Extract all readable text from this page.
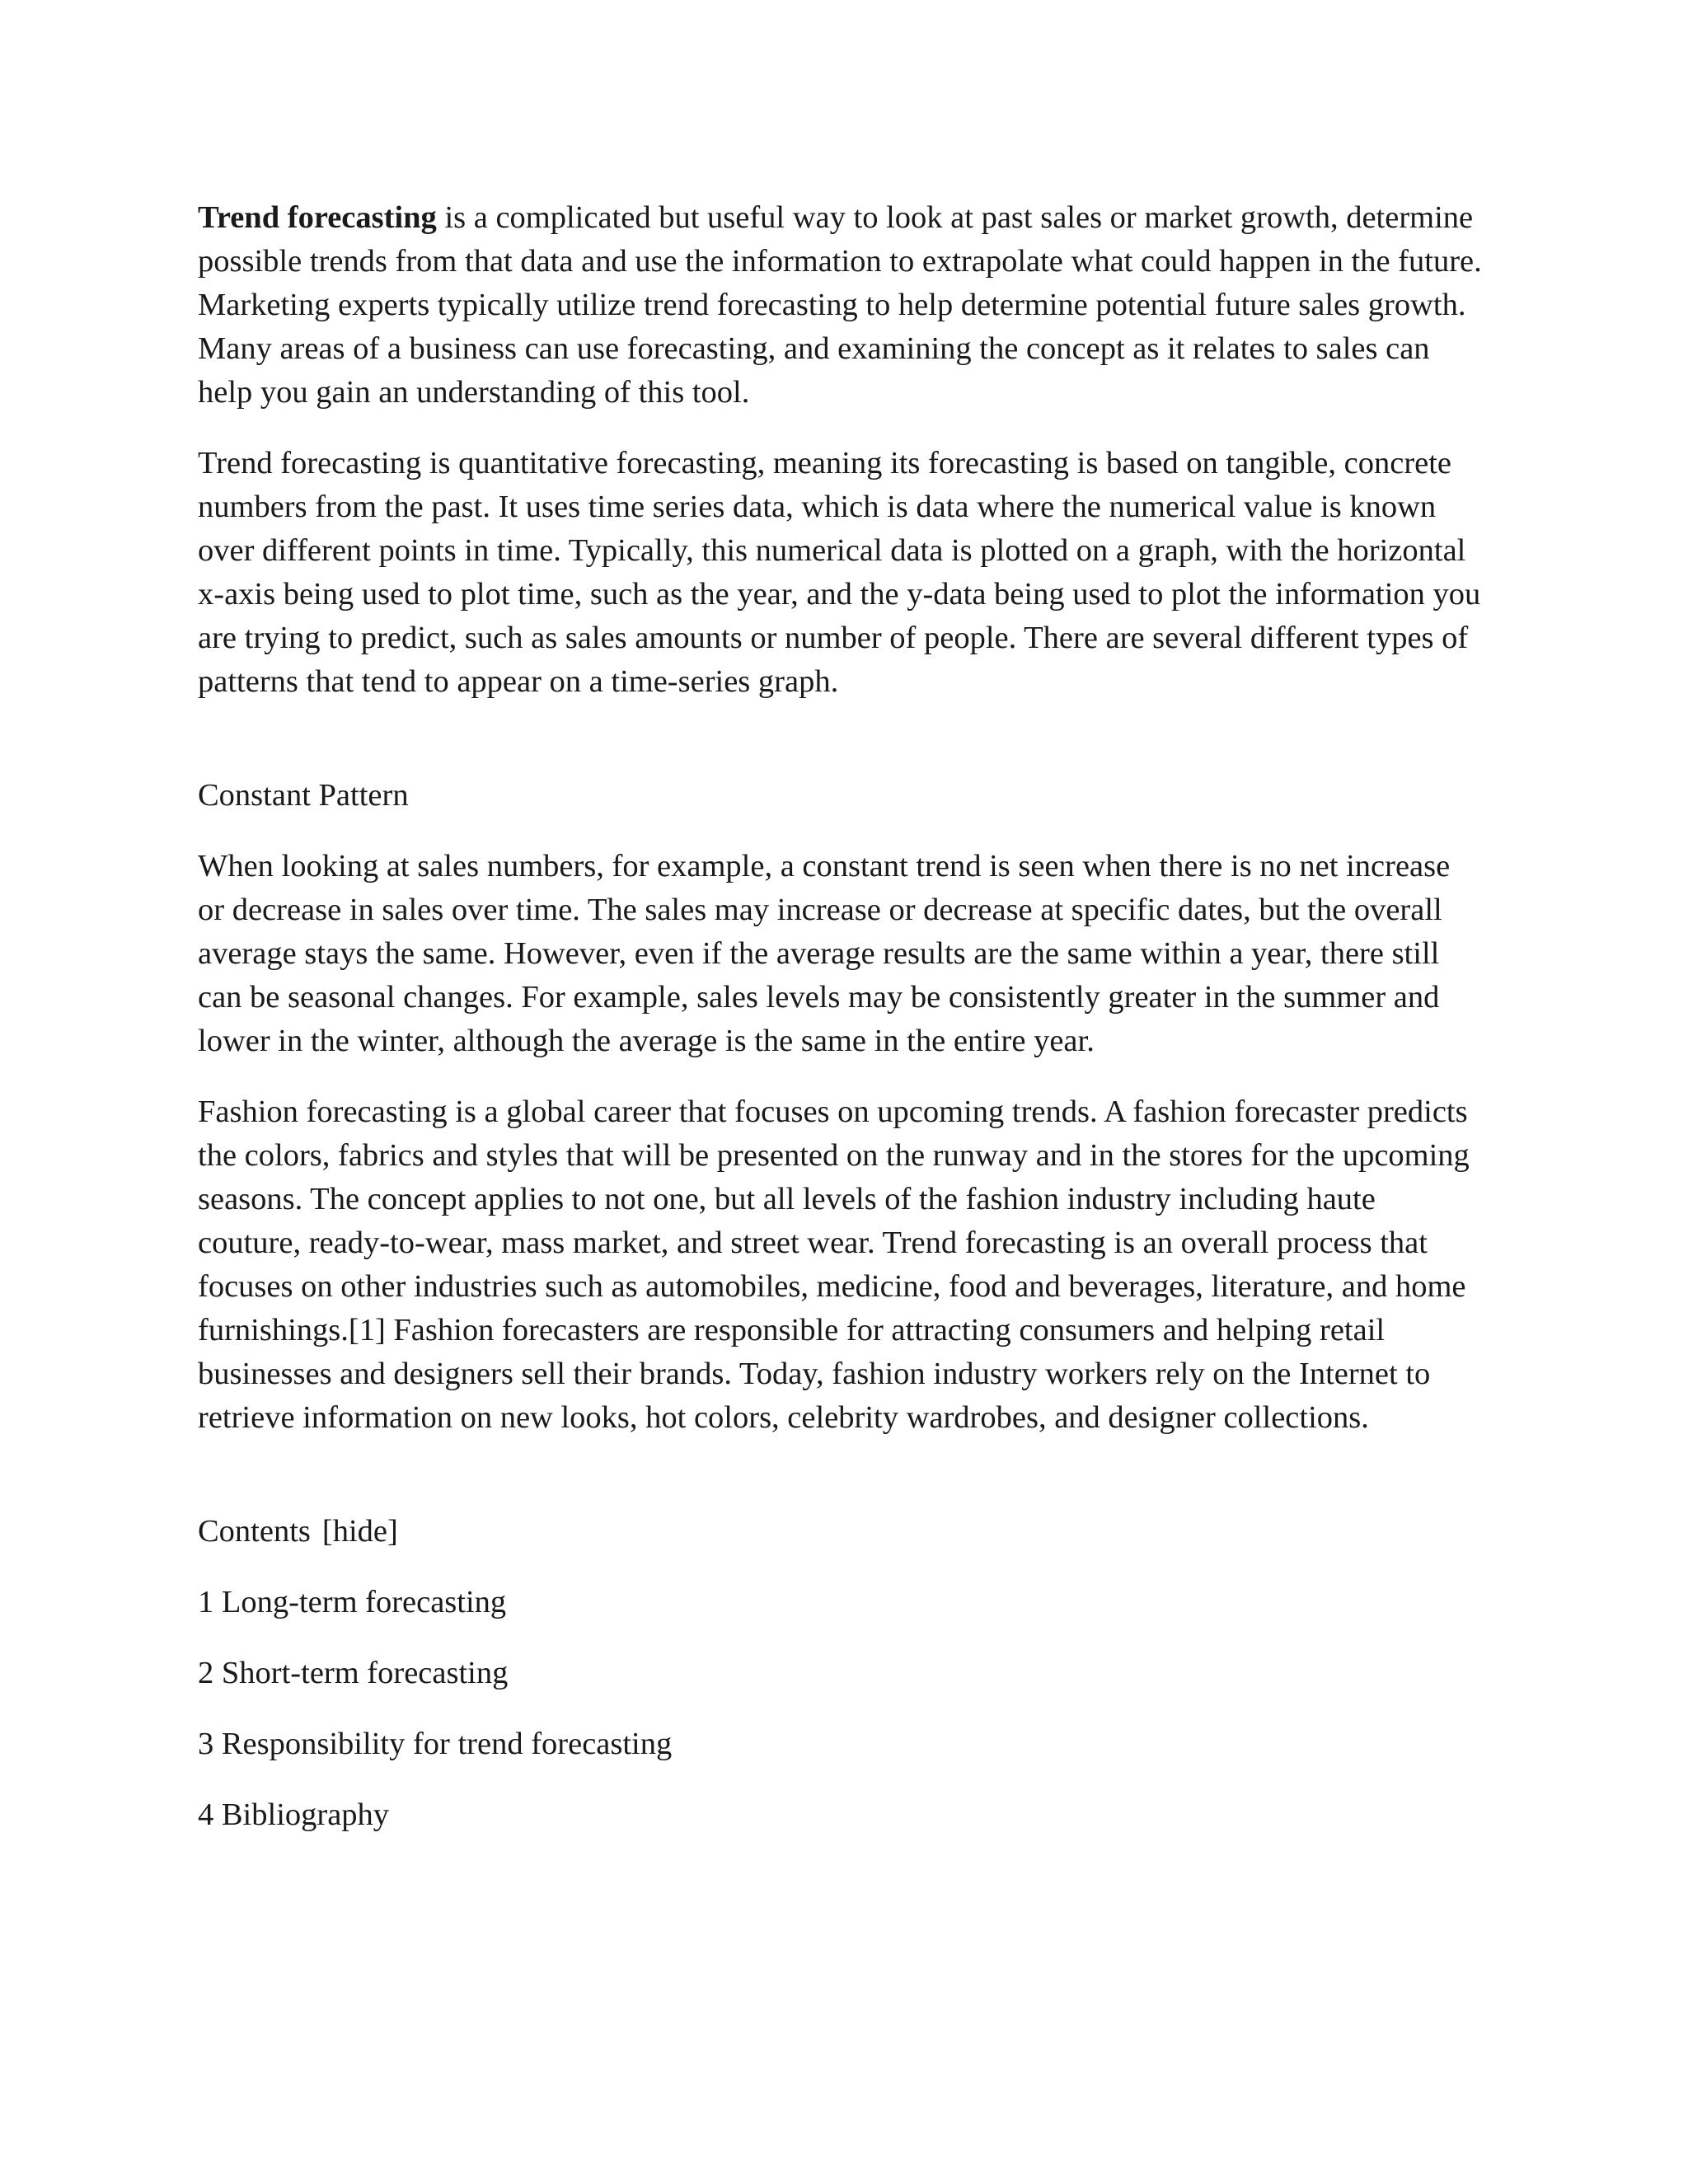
Trend forecasting is a complicated but useful way to look at past sales or market growth, determine possible trends from that data and use the information to extrapolate what could happen in the future. Marketing experts typically utilize trend forecasting to help determine potential future sales growth. Many areas of a business can use forecasting, and examining the concept as it relates to sales can help you gain an understanding of this tool.

Trend forecasting is quantitative forecasting, meaning its forecasting is based on tangible, concrete numbers from the past. It uses time series data, which is data where the numerical value is known over different points in time. Typically, this numerical data is plotted on a graph, with the horizontal x-axis being used to plot time, such as the year, and the y-data being used to plot the information you are trying to predict, such as sales amounts or number of people. There are several different types of patterns that tend to appear on a time-series graph.

Constant Pattern

When looking at sales numbers, for example, a constant trend is seen when there is no net increase or decrease in sales over time. The sales may increase or decrease at specific dates, but the overall average stays the same. However, even if the average results are the same within a year, there still can be seasonal changes. For example, sales levels may be consistently greater in the summer and lower in the winter, although the average is the same in the entire year.

Fashion forecasting is a global career that focuses on upcoming trends. A fashion forecaster predicts the colors, fabrics and styles that will be presented on the runway and in the stores for the upcoming seasons. The concept applies to not one, but all levels of the fashion industry including haute couture, ready-to-wear, mass market, and street wear. Trend forecasting is an overall process that focuses on other industries such as automobiles, medicine, food and beverages, literature, and home furnishings.[1] Fashion forecasters are responsible for attracting consumers and helping retail businesses and designers sell their brands. Today, fashion industry workers rely on the Internet to retrieve information on new looks, hot colors, celebrity wardrobes, and designer collections.

Contents [hide]

1 Long-term forecasting

2 Short-term forecasting

3 Responsibility for trend forecasting

4 Bibliography
